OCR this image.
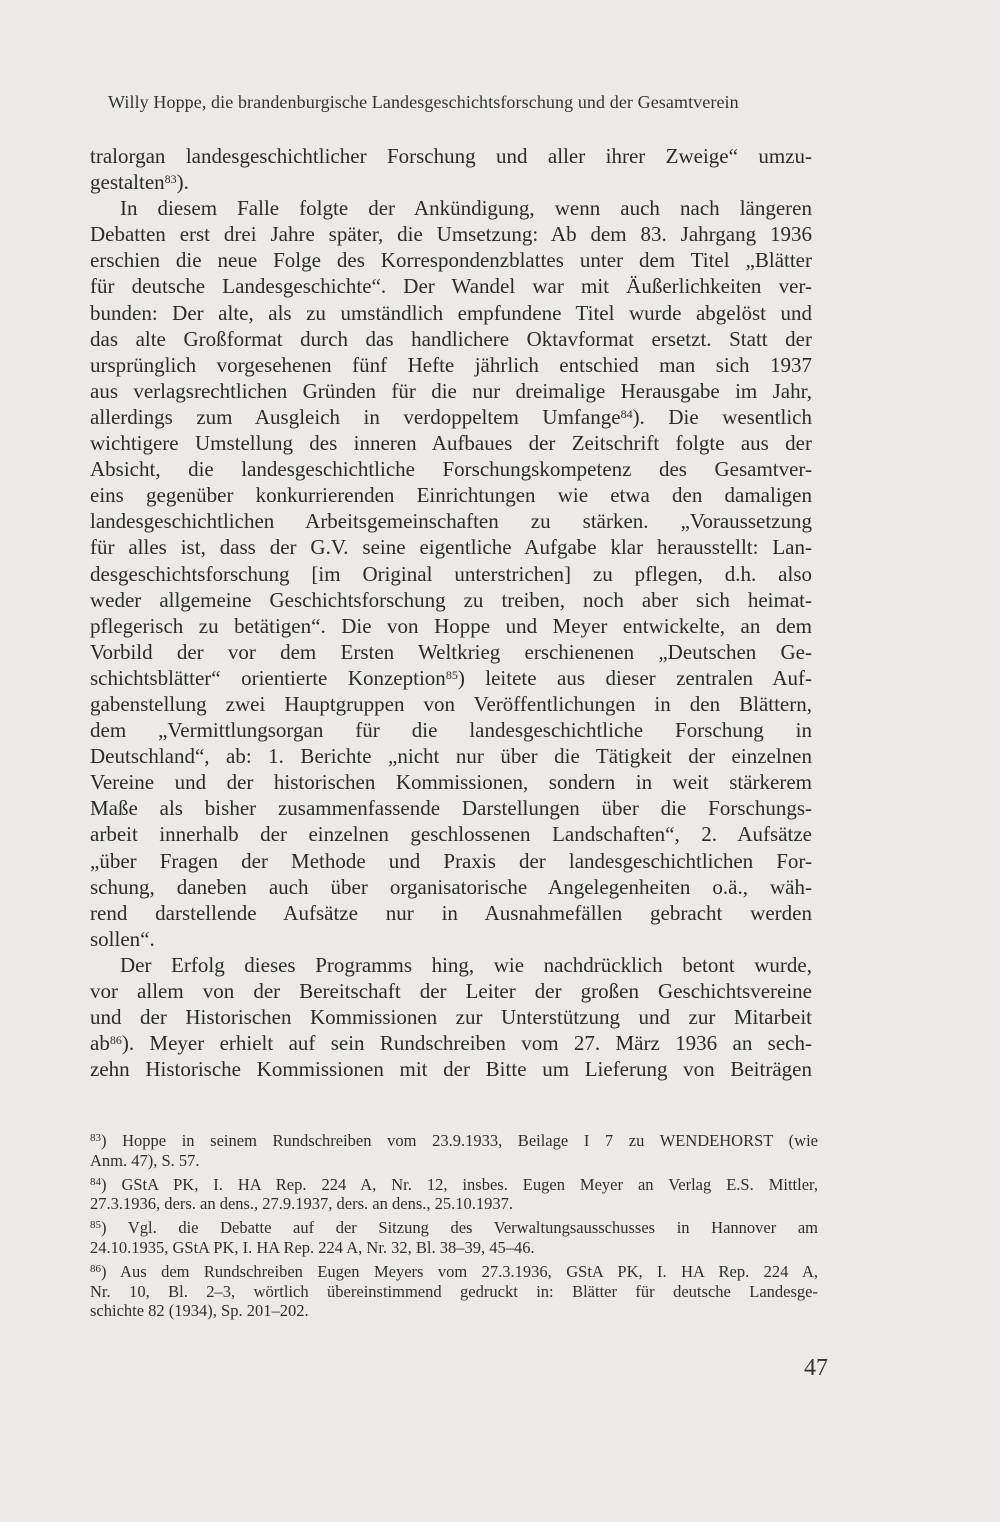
Willy Hoppe, die brandenburgische Landesgeschichtsforschung und der Gesamtverein
tralorgan landesgeschichtlicher Forschung und aller ihrer Zweige“ umzu-
gestalten$^{83}$).
In diesem Falle folgte der Ankündigung, wenn auch nach längeren
Debatten erst drei Jahre später, die Umsetzung: Ab dem 83. Jahrgang 1936
erschien die neue Folge des Korrespondenzblattes unter dem Titel „Blätter
für deutsche Landesgeschichte“. Der Wandel war mit Äußerlichkeiten ver-
bunden: Der alte, als zu umständlich empfundene Titel wurde abgelöst und
das alte Großformat durch das handlichere Oktavformat ersetzt. Statt der
ursprünglich vorgesehenen fünf Hefte jährlich entschied man sich 1937
aus verlagsrechtlichen Gründen für die nur dreimalige Herausgabe im Jahr,
allerdings zum Ausgleich in verdoppeltem Umfange$^{84}$). Die wesentlich
wichtigere Umstellung des inneren Aufbaues der Zeitschrift folgte aus der
Absicht, die landesgeschichtliche Forschungskompetenz des Gesamtver-
eins gegenüber konkurrierenden Einrichtungen wie etwa den damaligen
landesgeschichtlichen Arbeitsgemeinschaften zu stärken. „Voraussetzung
für alles ist, dass der G.V. seine eigentliche Aufgabe klar herausstellt: Lan-
desgeschichtsforschung [im Original unterstrichen] zu pflegen, d.h. also
weder allgemeine Geschichtsforschung zu treiben, noch aber sich heimat-
pflegerisch zu betätigen“. Die von Hoppe und Meyer entwickelte, an dem
Vorbild der vor dem Ersten Weltkrieg erschienenen „Deutschen Ge-
schichtsblätter“ orientierte Konzeption$^{85}$) leitete aus dieser zentralen Auf-
gabenstellung zwei Hauptgruppen von Veröffentlichungen in den Blättern,
dem „Vermittlungsorgan für die landesgeschichtliche Forschung in
Deutschland“, ab: 1. Berichte „nicht nur über die Tätigkeit der einzelnen
Vereine und der historischen Kommissionen, sondern in weit stärkerem
Maße als bisher zusammenfassende Darstellungen über die Forschungs-
arbeit innerhalb der einzelnen geschlossenen Landschaften“, 2. Aufsätze
„über Fragen der Methode und Praxis der landesgeschichtlichen For-
schung, daneben auch über organisatorische Angelegenheiten o.ä., wäh-
rend darstellende Aufsätze nur in Ausnahmefällen gebracht werden
sollen“.
Der Erfolg dieses Programms hing, wie nachdrücklich betont wurde,
vor allem von der Bereitschaft der Leiter der großen Geschichtsvereine
und der Historischen Kommissionen zur Unterstützung und zur Mitarbeit
ab$^{86}$). Meyer erhielt auf sein Rundschreiben vom 27. März 1936 an sech-
zehn Historische Kommissionen mit der Bitte um Lieferung von Beiträgen
$^{83}$) Hoppe in seinem Rundschreiben vom 23.9.1933, Beilage I 7 zu WENDEHORST (wie
Anm. 47), S. 57.
$^{84}$) GStA PK, I. HA Rep. 224 A, Nr. 12, insbes. Eugen Meyer an Verlag E.S. Mittler,
27.3.1936, ders. an dens., 27.9.1937, ders. an dens., 25.10.1937.
$^{85}$) Vgl. die Debatte auf der Sitzung des Verwaltungsausschusses in Hannover am
24.10.1935, GStA PK, I. HA Rep. 224 A, Nr. 32, Bl. 38–39, 45–46.
$^{86}$) Aus dem Rundschreiben Eugen Meyers vom 27.3.1936, GStA PK, I. HA Rep. 224 A,
Nr. 10, Bl. 2–3, wörtlich übereinstimmend gedruckt in: Blätter für deutsche Landesge-
schichte 82 (1934), Sp. 201–202.
47
